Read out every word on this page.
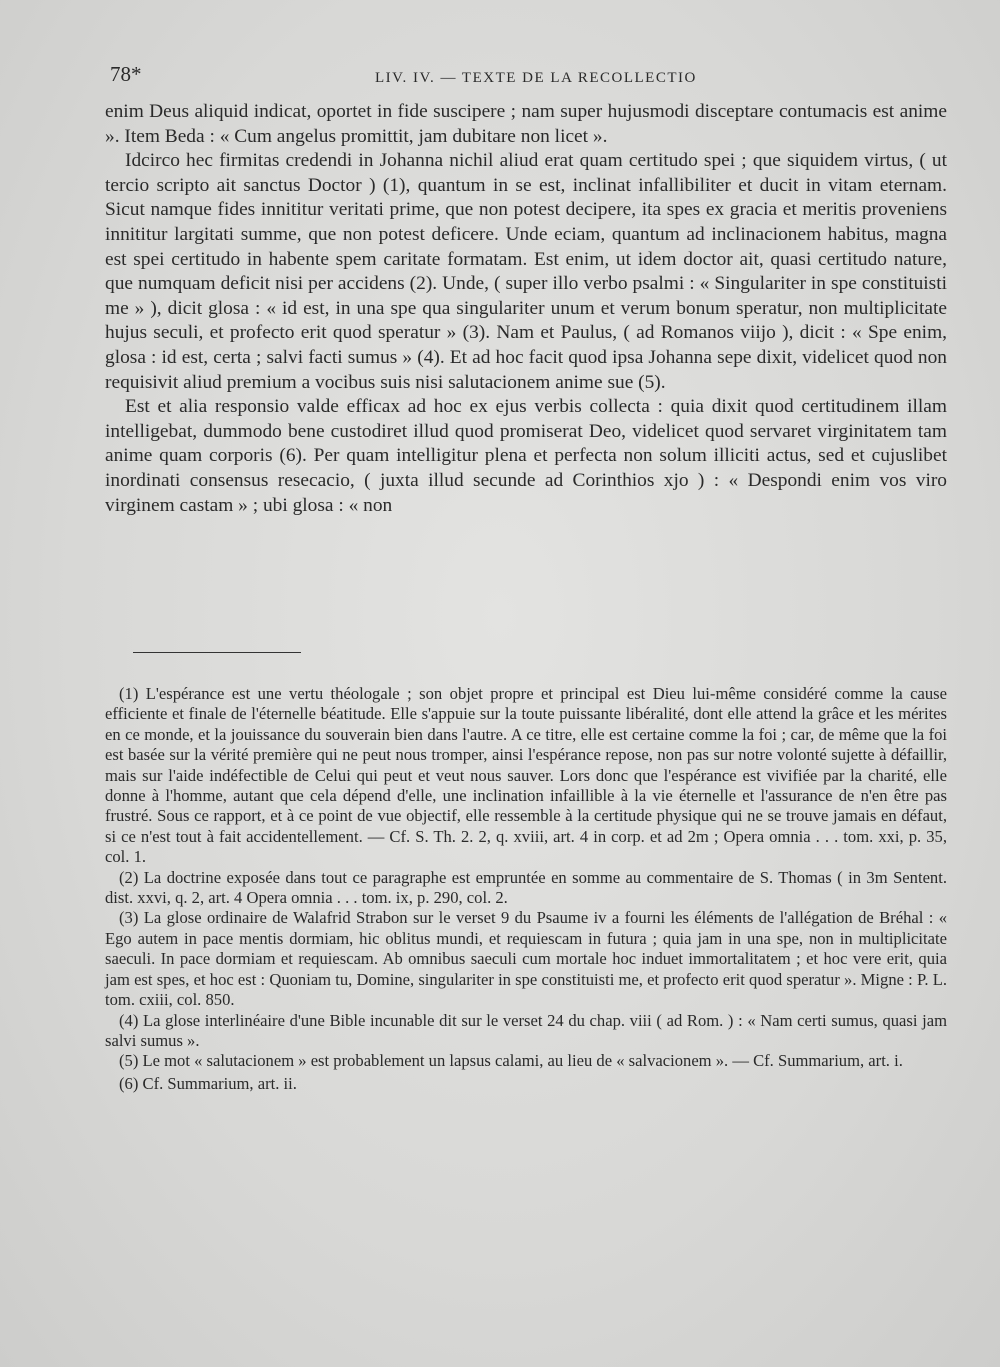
78*	LIV. IV. — TEXTE DE LA RECOLLECTIO

enim Deus aliquid indicat, oportet in fide suscipere ; nam super hujusmodi disceptare contumacis est anime ». Item Beda : « Cum angelus promittit, jam dubitare non licet ».

Idcirco hec firmitas credendi in Johanna nichil aliud erat quam certitudo spei ; que siquidem virtus, ( ut tercio scripto ait sanctus Doctor ) (1), quantum in se est, inclinat infallibiliter et ducit in vitam eternam. Sicut namque fides innititur veritati prime, que non potest decipere, ita spes ex gracia et meritis proveniens innititur largitati summe, que non potest deficere. Unde eciam, quantum ad inclinacionem habitus, magna est spei certitudo in habente spem caritate formatam. Est enim, ut idem doctor ait, quasi certitudo nature, que numquam deficit nisi per accidens (2). Unde, ( super illo verbo psalmi : « Singulariter in spe constituisti me » ), dicit glosa : « id est, in una spe qua singulariter unum et verum bonum speratur, non multiplicitate hujus seculi, et profecto erit quod speratur » (3). Nam et Paulus, ( ad Romanos viijo ), dicit : « Spe enim, glosa : id est, certa ; salvi facti sumus » (4). Et ad hoc facit quod ipsa Johanna sepe dixit, videlicet quod non requisivit aliud premium a vocibus suis nisi salutacionem anime sue (5).

Est et alia responsio valde efficax ad hoc ex ejus verbis collecta : quia dixit quod certitudinem illam intelligebat, dummodo bene custodiret illud quod promiserat Deo, videlicet quod servaret virginitatem tam anime quam corporis (6). Per quam intelligitur plena et perfecta non solum illiciti actus, sed et cujuslibet inordinati consensus resecacio, ( juxta illud secunde ad Corinthios xjo ) : « Despondi enim vos viro virginem castam » ; ubi glosa : « non

(1) L'espérance est une vertu théologale ; son objet propre et principal est Dieu lui-même considéré comme la cause efficiente et finale de l'éternelle béatitude. Elle s'appuie sur la toute puissante libéralité, dont elle attend la grâce et les mérites en ce monde, et la jouissance du souverain bien dans l'autre. A ce titre, elle est certaine comme la foi ; car, de même que la foi est basée sur la vérité première qui ne peut nous tromper, ainsi l'espérance repose, non pas sur notre volonté sujette à défaillir, mais sur l'aide indéfectible de Celui qui peut et veut nous sauver. Lors donc que l'espérance est vivifiée par la charité, elle donne à l'homme, autant que cela dépend d'elle, une inclination infaillible à la vie éternelle et l'assurance de n'en être pas frustré. Sous ce rapport, et à ce point de vue objectif, elle ressemble à la certitude physique qui ne se trouve jamais en défaut, si ce n'est tout à fait accidentellement. — Cf. S. Th. 2. 2, q. xviii, art. 4 in corp. et ad 2m ; Opera omnia . . . tom. xxi, p. 35, col. 1.

(2) La doctrine exposée dans tout ce paragraphe est empruntée en somme au commentaire de S. Thomas ( in 3m Sentent. dist. xxvi, q. 2, art. 4 Opera omnia . . . tom. ix, p. 290, col. 2.

(3) La glose ordinaire de Walafrid Strabon sur le verset 9 du Psaume iv a fourni les éléments de l'allégation de Bréhal : « Ego autem in pace mentis dormiam, hic oblitus mundi, et requiescam in futura ; quia jam in una spe, non in multiplicitate saeculi. In pace dormiam et requiescam. Ab omnibus saeculi cum mortale hoc induet immortalitatem ; et hoc vere erit, quia jam est spes, et hoc est : Quoniam tu, Domine, singulariter in spe constituisti me, et profecto erit quod speratur ». Migne : P. L. tom. cxiii, col. 850.

(4) La glose interlinéaire d'une Bible incunable dit sur le verset 24 du chap. viii ( ad Rom. ) : « Nam certi sumus, quasi jam salvi sumus ».

(5) Le mot « salutacionem » est probablement un lapsus calami, au lieu de « salvacionem ». — Cf. Summarium, art. i.

(6) Cf. Summarium, art. ii.
